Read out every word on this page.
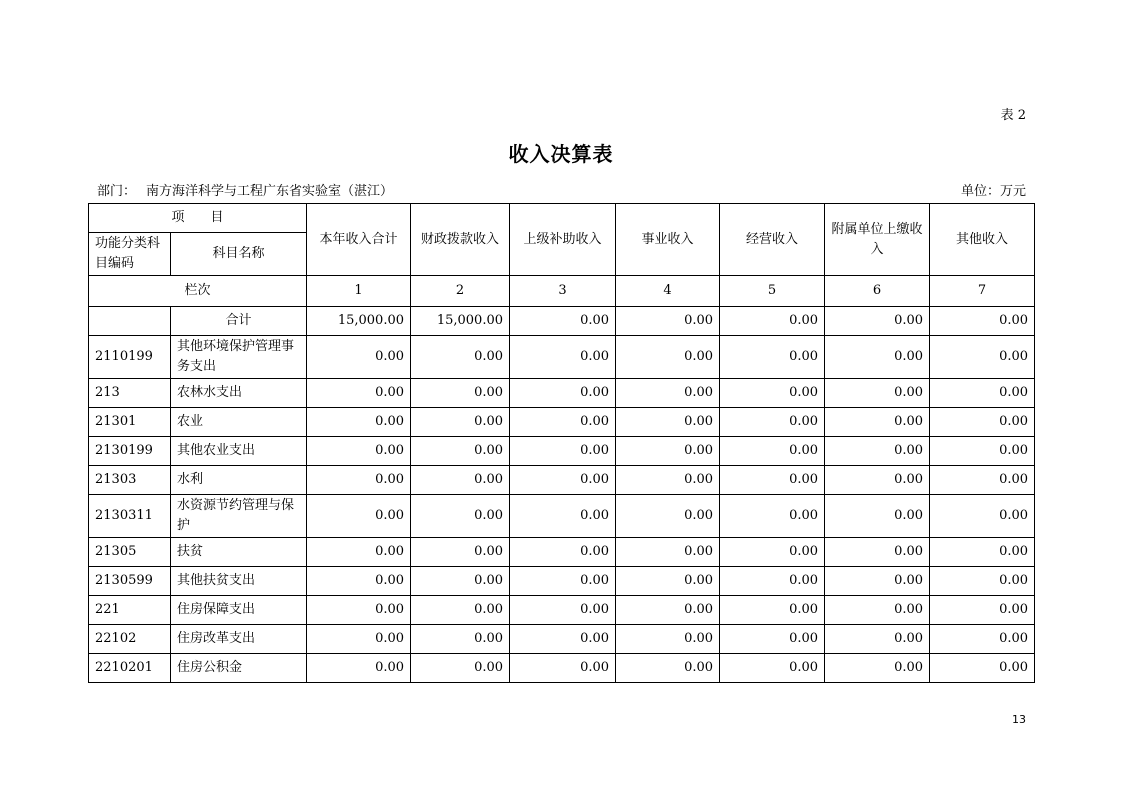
表 2
收入决算表
部门： 南方海洋科学与工程广东省实验室（湛江）	单位：万元
项　　目		本年收入合计	财政拨款收入	上级补助收入	事业收入	经营收入	附属单位上缴收入	其他收入
功能分类科目编码	科目名称							
栏次		1	2	3	4	5	6	7
	合计	15,000.00	15,000.00	0.00	0.00	0.00	0.00	0.00
2110199	其他环境保护管理事务支出	0.00	0.00	0.00	0.00	0.00	0.00	0.00
213	农林水支出	0.00	0.00	0.00	0.00	0.00	0.00	0.00
21301	农业	0.00	0.00	0.00	0.00	0.00	0.00	0.00
2130199	其他农业支出	0.00	0.00	0.00	0.00	0.00	0.00	0.00
21303	水利	0.00	0.00	0.00	0.00	0.00	0.00	0.00
2130311	水资源节约管理与保护	0.00	0.00	0.00	0.00	0.00	0.00	0.00
21305	扶贫	0.00	0.00	0.00	0.00	0.00	0.00	0.00
2130599	其他扶贫支出	0.00	0.00	0.00	0.00	0.00	0.00	0.00
221	住房保障支出	0.00	0.00	0.00	0.00	0.00	0.00	0.00
22102	住房改革支出	0.00	0.00	0.00	0.00	0.00	0.00	0.00
2210201	住房公积金	0.00	0.00	0.00	0.00	0.00	0.00	0.00
13
